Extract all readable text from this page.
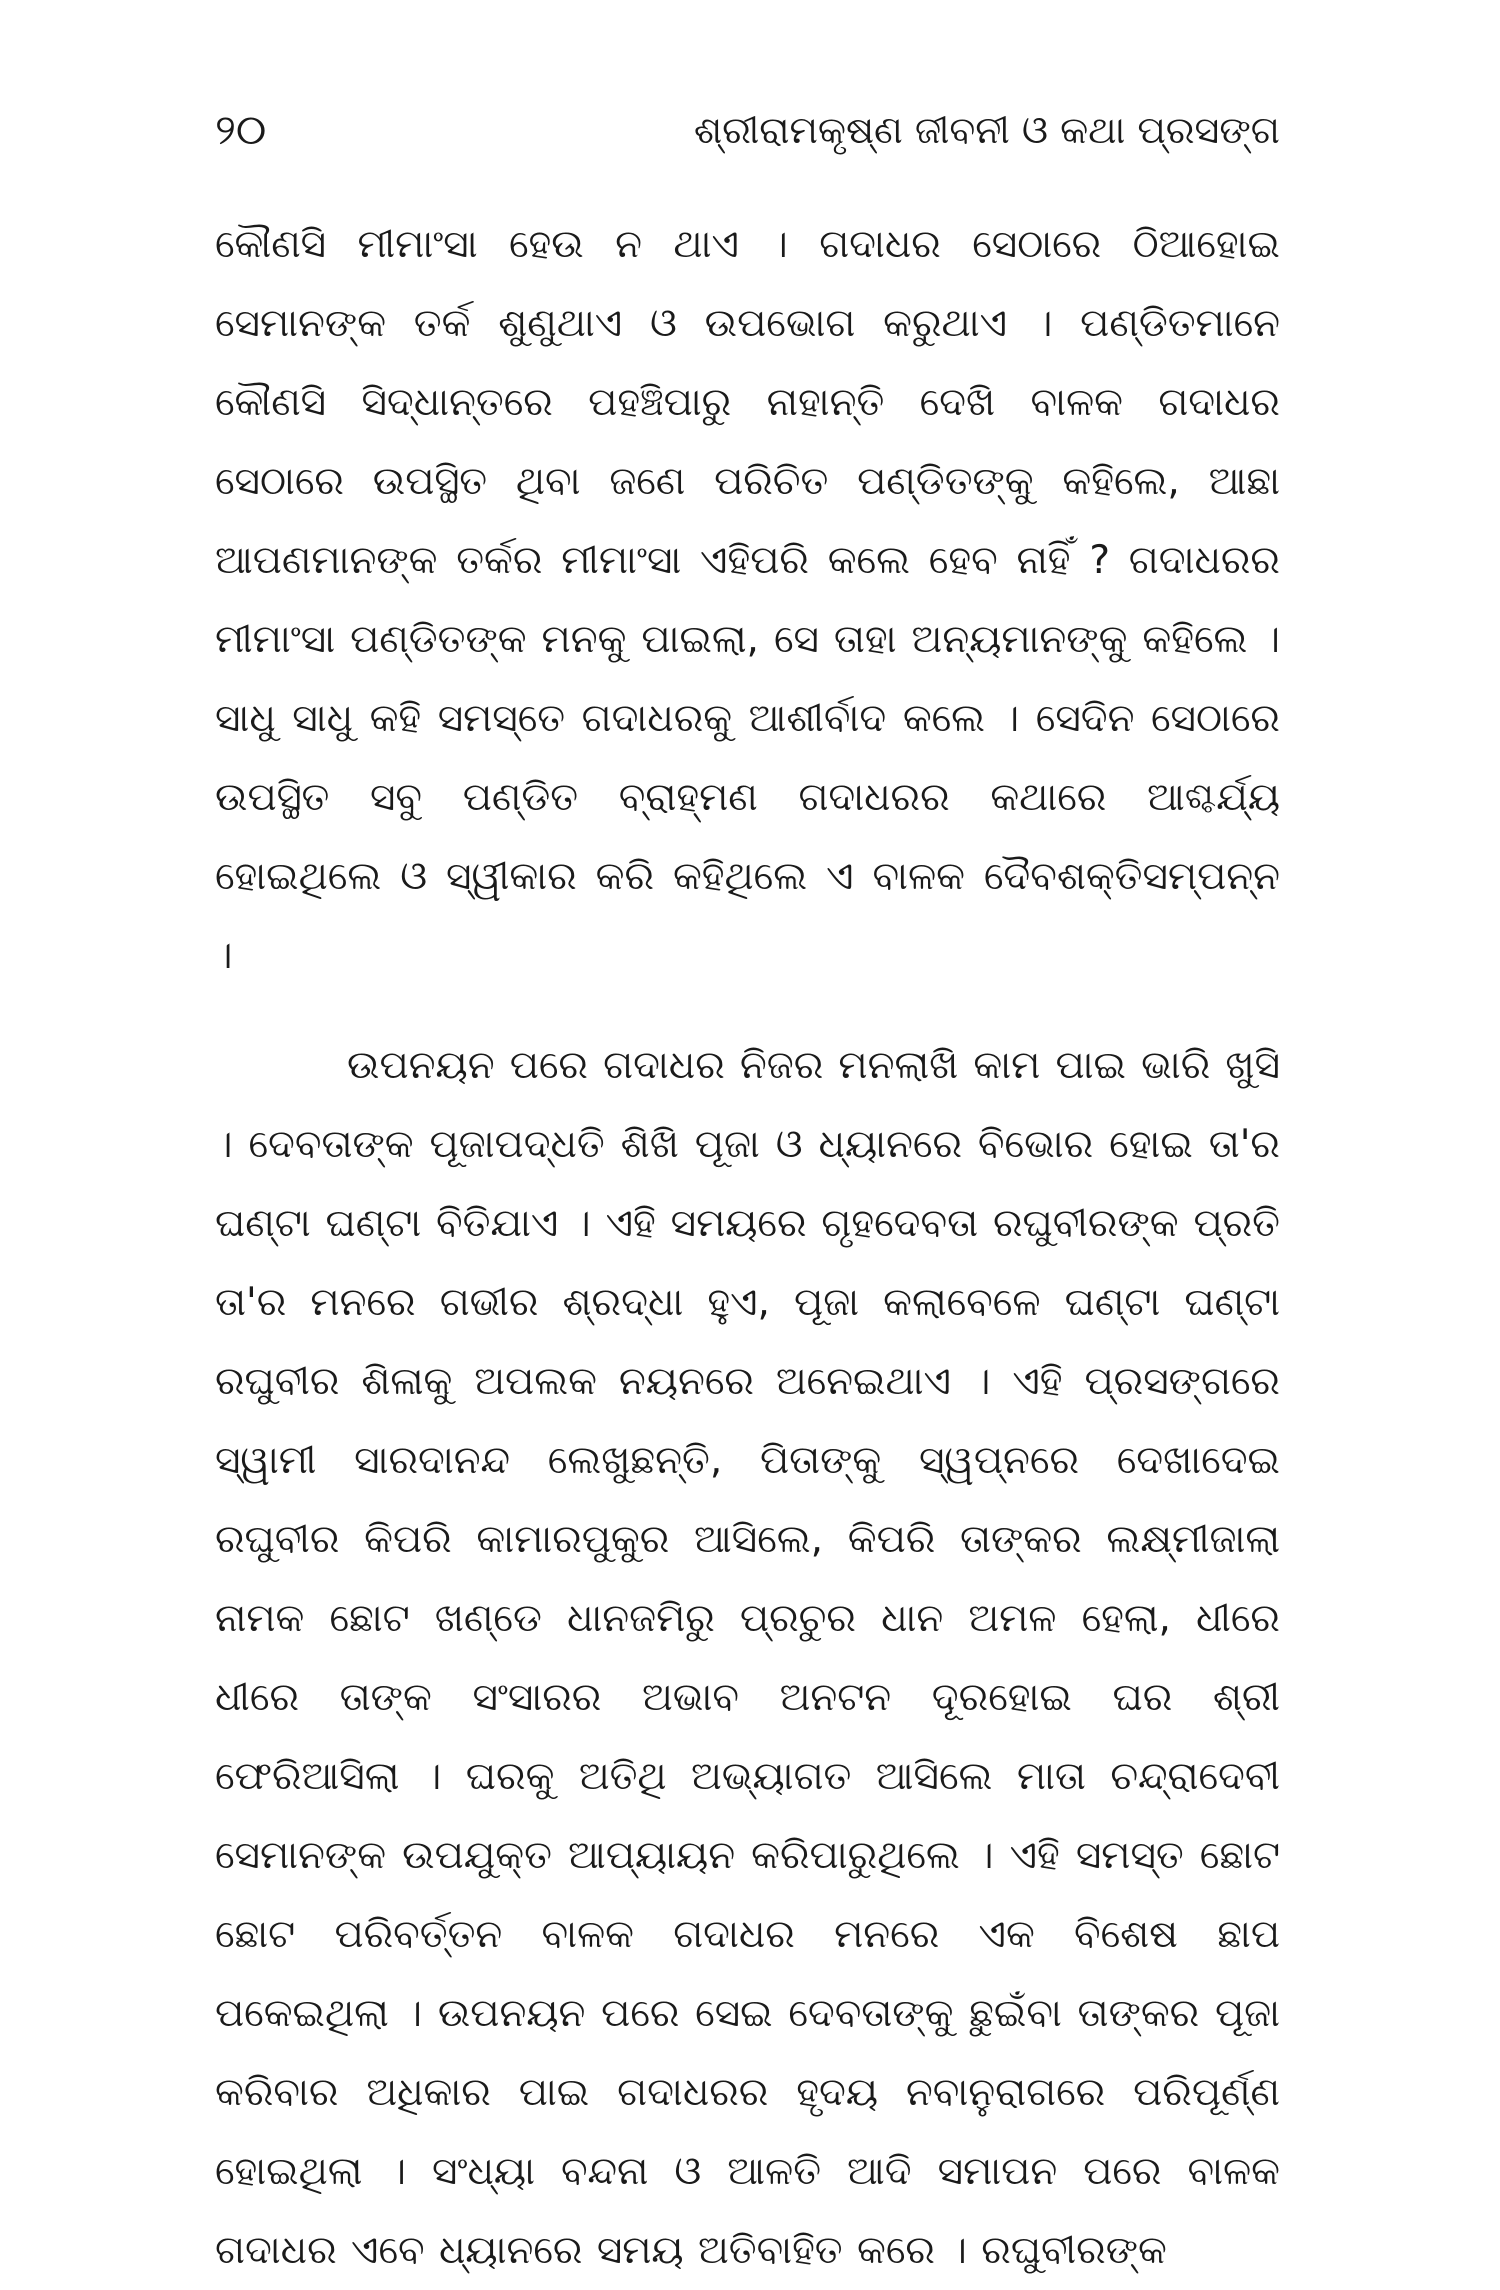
୨୦	ଶ୍ରୀରାମକୃଷ୍ଣ ଜୀବନୀ ଓ କଥା ପ୍ରସଙ୍ଗ

କୌଣସି ମୀମାଂସା ହେଉ ନ ଥାଏ । ଗଦାଧର ସେଠାରେ ଠିଆହୋଇ ସେମାନଙ୍କ ତର୍କ ଶୁଣୁଥାଏ ଓ ଉପଭୋଗ କରୁଥାଏ । ପଣ୍ଡିତମାନେ କୌଣସି ସିଦ୍ଧାନ୍ତରେ ପହଞ୍ଚିପାରୁ ନାହାନ୍ତି ଦେଖି ବାଳକ ଗଦାଧର ସେଠାରେ ଉପସ୍ଥିତ ଥିବା ଜଣେ ପରିଚିତ ପଣ୍ଡିତଙ୍କୁ କହିଲେ, ଆଛା ଆପଣମାନଙ୍କ ତର୍କର ମୀମାଂସା ଏହିପରି କଲେ ହେବ ନାହିଁ ? ଗଦାଧରର ମୀମାଂସା ପଣ୍ଡିତଙ୍କ ମନକୁ ପାଇଲା, ସେ ତାହା ଅନ୍ୟମାନଙ୍କୁ କହିଲେ । ସାଧୁ ସାଧୁ କହି ସମସ୍ତେ ଗଦାଧରକୁ ଆଶୀର୍ବାଦ କଲେ । ସେଦିନ ସେଠାରେ ଉପସ୍ଥିତ ସବୁ ପଣ୍ଡିତ ବ୍ରାହ୍ମଣ ଗଦାଧରର କଥାରେ ଆଶ୍ଚର୍ଯ୍ୟ ହୋଇଥିଲେ ଓ ସ୍ୱୀକାର କରି କହିଥିଲେ ଏ ବାଳକ ଦୈବଶକ୍ତିସମ୍ପନ୍ନ ।

ଉପନୟନ ପରେ ଗଦାଧର ନିଜର ମନଲାଖି କାମ ପାଇ ଭାରି ଖୁସି । ଦେବତାଙ୍କ ପୂଜାପଦ୍ଧତି ଶିଖି ପୂଜା ଓ ଧ୍ୟାନରେ ବିଭୋର ହୋଇ ତା'ର ଘଣ୍ଟା ଘଣ୍ଟା ବିତିଯାଏ । ଏହି ସମୟରେ ଗୃହଦେବତା ରଘୁବୀରଙ୍କ ପ୍ରତି ତା'ର ମନରେ ଗଭୀର ଶ୍ରଦ୍ଧା ହୁଏ, ପୂଜା କଲାବେଳେ ଘଣ୍ଟା ଘଣ୍ଟା ରଘୁବୀର ଶିଳାକୁ ଅପଲକ ନୟନରେ ଅନେଇଥାଏ । ଏହି ପ୍ରସଙ୍ଗରେ ସ୍ୱାମୀ ସାରଦାନନ୍ଦ ଲେଖୁଛନ୍ତି, ପିତାଙ୍କୁ ସ୍ୱପ୍ନରେ ଦେଖାଦେଇ ରଘୁବୀର କିପରି କାମାରପୁକୁର ଆସିଲେ, କିପରି ତାଙ୍କର ଲକ୍ଷ୍ମୀଜାଲା ନାମକ ଛୋଟ ଖଣ୍ଡେ ଧାନଜମିରୁ ପ୍ରଚୁର ଧାନ ଅମଳ ହେଲା, ଧୀରେ ଧୀରେ ତାଙ୍କ ସଂସାରର ଅଭାବ ଅନଟନ ଦୂରହୋଇ ଘର ଶ୍ରୀ ଫେରିଆସିଲା । ଘରକୁ ଅତିଥି ଅଭ୍ୟାଗତ ଆସିଲେ ମାତା ଚନ୍ଦ୍ରାଦେବୀ ସେମାନଙ୍କ ଉପଯୁକ୍ତ ଆପ୍ୟାୟନ କରିପାରୁଥିଲେ । ଏହି ସମସ୍ତ ଛୋଟ ଛୋଟ ପରିବର୍ତ୍ତନ ବାଳକ ଗଦାଧର ମନରେ ଏକ ବିଶେଷ ଛାପ ପକେଇଥିଲା । ଉପନୟନ ପରେ ସେଇ ଦେବତାଙ୍କୁ ଛୁଇଁବା ତାଙ୍କର ପୂଜା କରିବାର ଅଧିକାର ପାଇ ଗଦାଧରର ହୃଦୟ ନବାନୁରାଗରେ ପରିପୂର୍ଣ୍ଣ ହୋଇଥିଲା । ସଂଧ୍ୟା ବନ୍ଦନା ଓ ଆଳତି ଆଦି ସମାପନ ପରେ ବାଳକ ଗଦାଧର ଏବେ ଧ୍ୟାନରେ ସମୟ ଅତିବାହିତ କରେ । ରଘୁବୀରଙ୍କ
